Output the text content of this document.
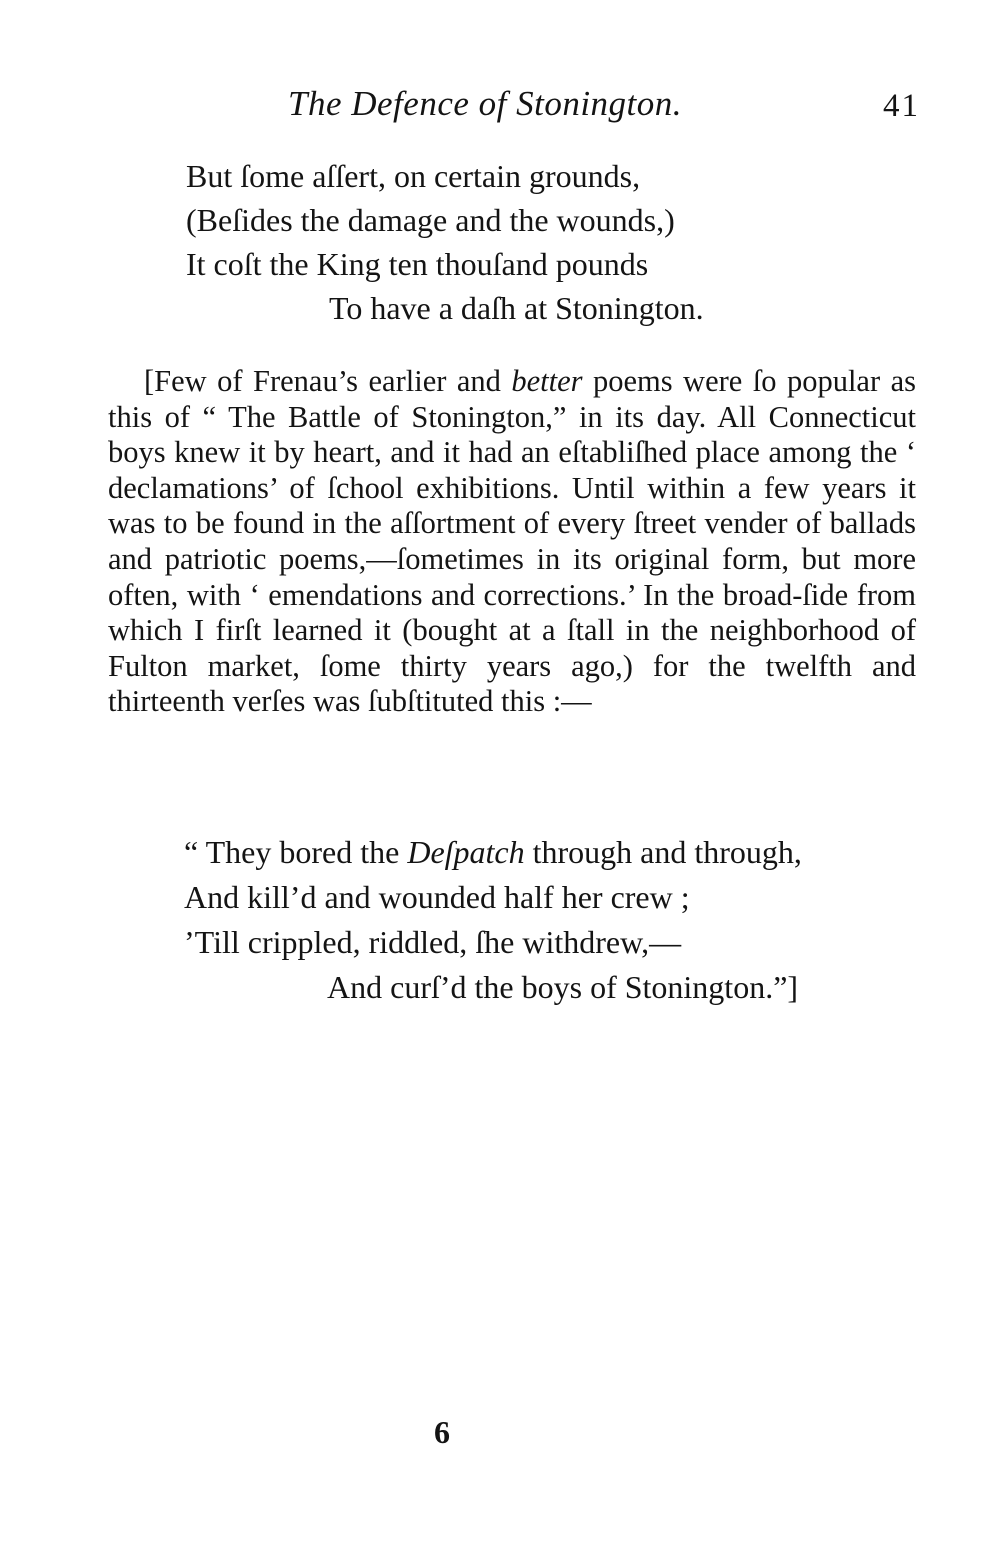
The Defence of Stonington.	41
But ſome aſſert, on certain grounds,
(Beſides the damage and the wounds,)
It coſt the King ten thouſand pounds
To have a daſh at Stonington.

[Few of Frenau’s earlier and better poems were ſo popular as this of “ The Battle of Stonington,” in its day. All Connecticut boys knew it by heart, and it had an eſtabliſhed place among the ‘ declamations’ of ſchool exhibitions. Until within a few years it was to be found in the aſſortment of every ſtreet vender of ballads and patriotic poems,—ſometimes in its original form, but more often, with ‘ emendations and corrections.’ In the broad-ſide from which I firſt learned it (bought at a ſtall in the neighborhood of Fulton market, ſome thirty years ago,) for the twelfth and thirteenth verſes was ſubſtituted this :—

“ They bored the Deſpatch through and through,
And kill’d and wounded half her crew ;
’Till crippled, riddled, ſhe withdrew,—
And curſ’d the boys of Stonington.”]
6
